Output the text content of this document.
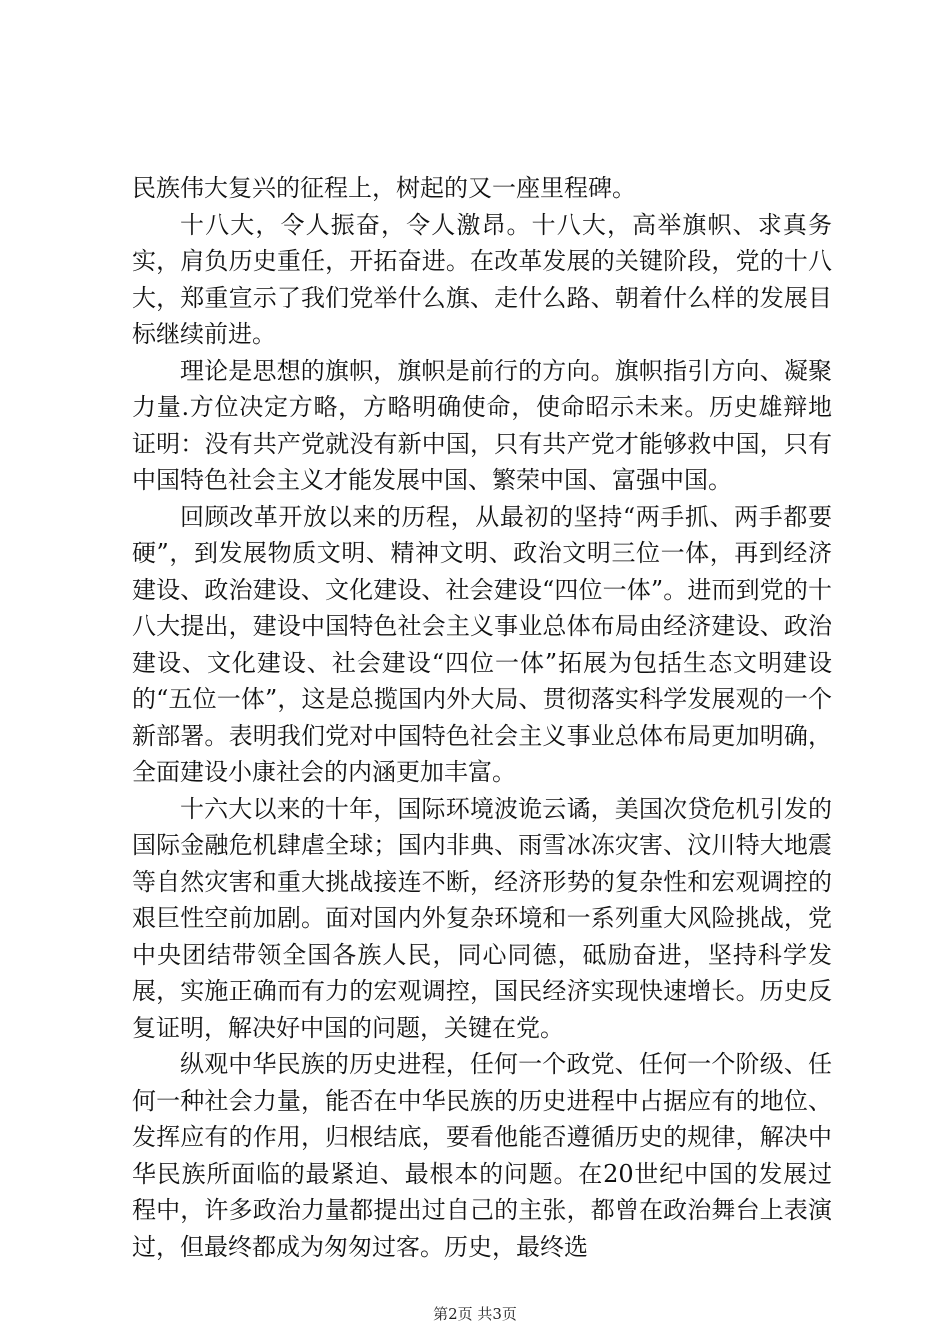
民族伟大复兴的征程上，树起的又一座里程碑。

十八大，令人振奋，令人激昂。十八大，高举旗帜、求真务实，肩负历史重任，开拓奋进。在改革发展的关键阶段，党的十八大，郑重宣示了我们党举什么旗、走什么路、朝着什么样的发展目标继续前进。

理论是思想的旗帜，旗帜是前行的方向。旗帜指引方向、凝聚力量.方位决定方略，方略明确使命，使命昭示未来。历史雄辩地证明：没有共产党就没有新中国，只有共产党才能够救中国，只有中国特色社会主义才能发展中国、繁荣中国、富强中国。

回顾改革开放以来的历程，从最初的坚持“两手抓、两手都要硬”，到发展物质文明、精神文明、政治文明三位一体，再到经济建设、政治建设、文化建设、社会建设“四位一体”。进而到党的十八大提出，建设中国特色社会主义事业总体布局由经济建设、政治建设、文化建设、社会建设“四位一体”拓展为包括生态文明建设的“五位一体”，这是总揽国内外大局、贯彻落实科学发展观的一个新部署。表明我们党对中国特色社会主义事业总体布局更加明确，全面建设小康社会的内涵更加丰富。

十六大以来的十年，国际环境波诡云谲，美国次贷危机引发的国际金融危机肆虐全球；国内非典、雨雪冰冻灾害、汶川特大地震等自然灾害和重大挑战接连不断，经济形势的复杂性和宏观调控的艰巨性空前加剧。面对国内外复杂环境和一系列重大风险挑战，党中央团结带领全国各族人民，同心同德，砥励奋进，坚持科学发展，实施正确而有力的宏观调控，国民经济实现快速增长。历史反复证明，解决好中国的问题，关键在党。

纵观中华民族的历史进程，任何一个政党、任何一个阶级、任何一种社会力量，能否在中华民族的历史进程中占据应有的地位、发挥应有的作用，归根结底，要看他能否遵循历史的规律，解决中华民族所面临的最紧迫、最根本的问题。在20世纪中国的发展过程中，许多政治力量都提出过自己的主张，都曾在政治舞台上表演过，但最终都成为匆匆过客。历史，最终选

第2页 共3页
